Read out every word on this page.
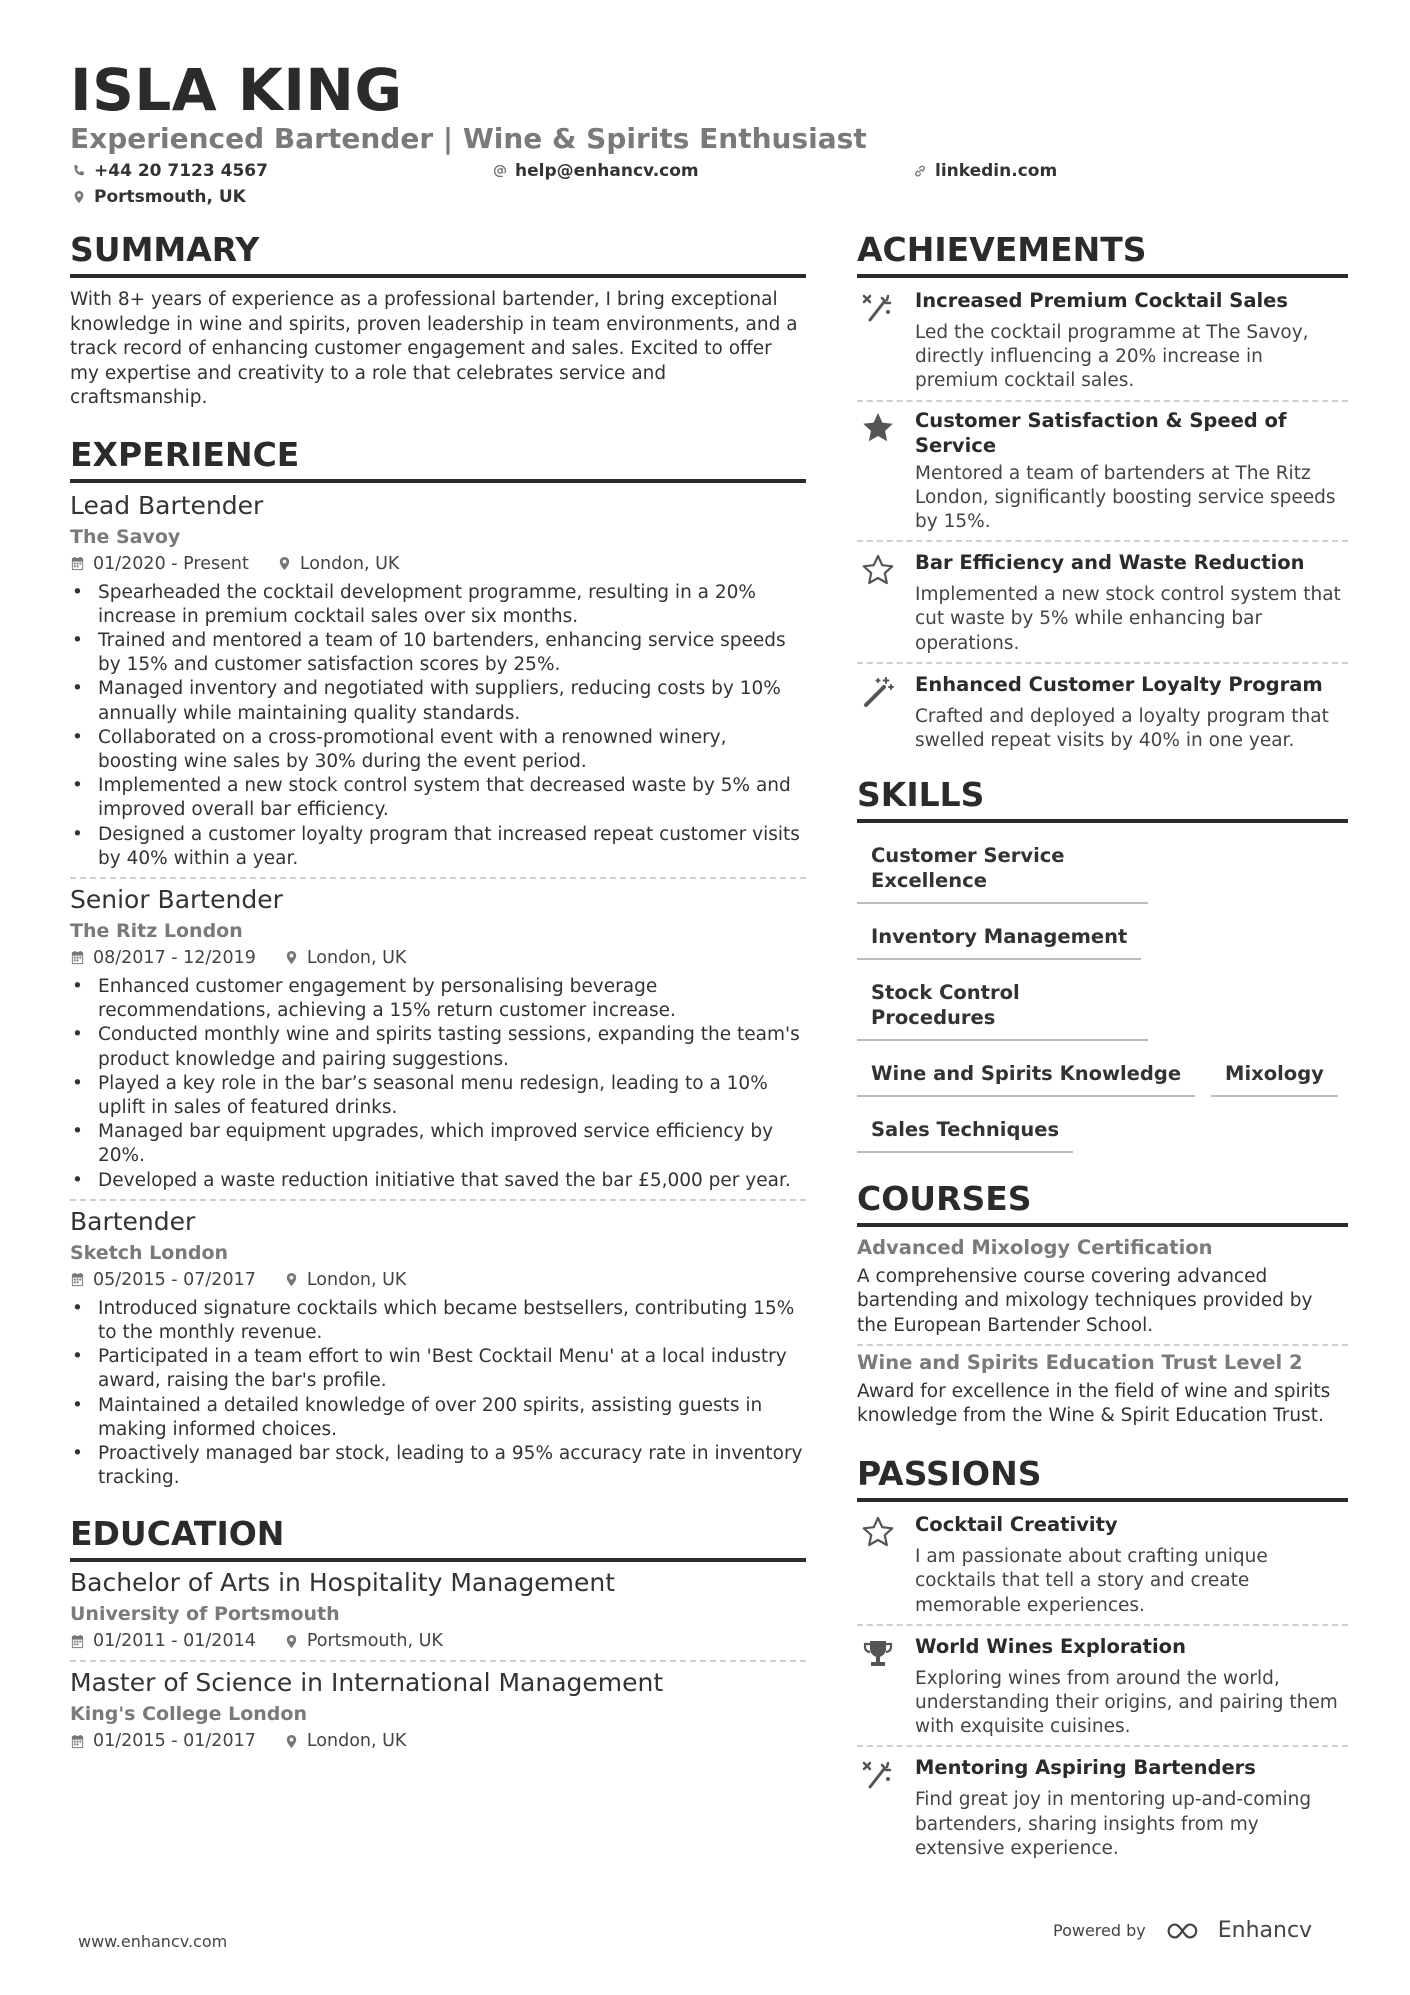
ISLA KING
Experienced Bartender | Wine & Spirits Enthusiast
+44 20 7123 4567	help@enhancv.com	linkedin.com
Portsmouth, UK
SUMMARY

With 8+ years of experience as a professional bartender, I bring exceptional knowledge in wine and spirits, proven leadership in team environments, and a track record of enhancing customer engagement and sales. Excited to offer my expertise and creativity to a role that celebrates service and craftsmanship.

EXPERIENCE
Lead Bartender
The Savoy
01/2020 - Present	London, UK
• Spearheaded the cocktail development programme, resulting in a 20% increase in premium cocktail sales over six months.
• Trained and mentored a team of 10 bartenders, enhancing service speeds by 15% and customer satisfaction scores by 25%.
• Managed inventory and negotiated with suppliers, reducing costs by 10% annually while maintaining quality standards.
• Collaborated on a cross-promotional event with a renowned winery, boosting wine sales by 30% during the event period.
• Implemented a new stock control system that decreased waste by 5% and improved overall bar efficiency.
• Designed a customer loyalty program that increased repeat customer visits by 40% within a year.
Senior Bartender
The Ritz London
08/2017 - 12/2019	London, UK
• Enhanced customer engagement by personalising beverage recommendations, achieving a 15% return customer increase.
• Conducted monthly wine and spirits tasting sessions, expanding the team's product knowledge and pairing suggestions.
• Played a key role in the bar’s seasonal menu redesign, leading to a 10% uplift in sales of featured drinks.
• Managed bar equipment upgrades, which improved service efficiency by 20%.
• Developed a waste reduction initiative that saved the bar £5,000 per year.
Bartender
Sketch London
05/2015 - 07/2017	London, UK
• Introduced signature cocktails which became bestsellers, contributing 15% to the monthly revenue.
• Participated in a team effort to win 'Best Cocktail Menu' at a local industry award, raising the bar's profile.
• Maintained a detailed knowledge of over 200 spirits, assisting guests in making informed choices.
• Proactively managed bar stock, leading to a 95% accuracy rate in inventory tracking.
EDUCATION
Bachelor of Arts in Hospitality Management
University of Portsmouth
01/2011 - 01/2014	Portsmouth, UK
Master of Science in International Management
King's College London
01/2015 - 01/2017	London, UK
ACHIEVEMENTS
Increased Premium Cocktail Sales
Led the cocktail programme at The Savoy, directly influencing a 20% increase in premium cocktail sales.
Customer Satisfaction & Speed of Service
Mentored a team of bartenders at The Ritz London, significantly boosting service speeds by 15%.
Bar Efficiency and Waste Reduction
Implemented a new stock control system that cut waste by 5% while enhancing bar operations.
Enhanced Customer Loyalty Program
Crafted and deployed a loyalty program that swelled repeat visits by 40% in one year.
SKILLS
Customer Service Excellence
Inventory Management
Stock Control Procedures
Wine and Spirits Knowledge	Mixology
Sales Techniques
COURSES
Advanced Mixology Certification
A comprehensive course covering advanced bartending and mixology techniques provided by the European Bartender School.
Wine and Spirits Education Trust Level 2
Award for excellence in the field of wine and spirits knowledge from the Wine & Spirit Education Trust.
PASSIONS
Cocktail Creativity
I am passionate about crafting unique cocktails that tell a story and create memorable experiences.
World Wines Exploration
Exploring wines from around the world, understanding their origins, and pairing them with exquisite cuisines.
Mentoring Aspiring Bartenders
Find great joy in mentoring up-and-coming bartenders, sharing insights from my extensive experience.
www.enhancv.com
Powered by	Enhancv
